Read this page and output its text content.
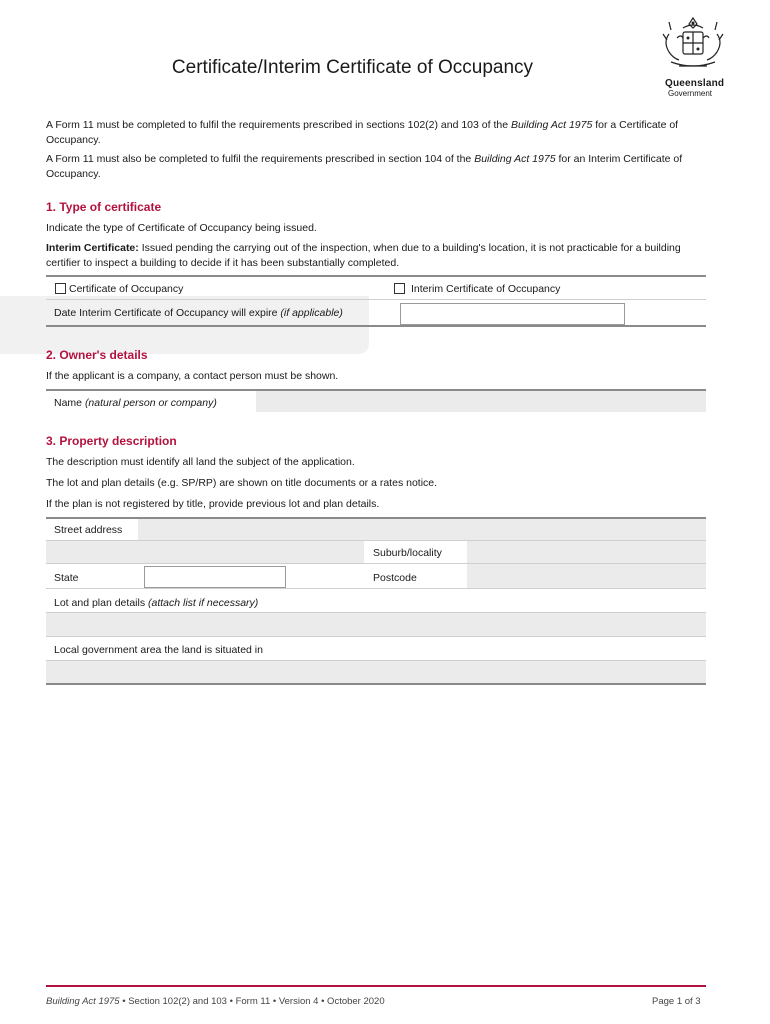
Certificate/Interim Certificate of Occupancy
Queensland
Government
A Form 11 must be completed to fulfil the requirements prescribed in sections 102(2) and 103 of the Building Act 1975 for a Certificate of Occupancy.
A Form 11 must also be completed to fulfil the requirements prescribed in section 104 of the Building Act 1975 for an Interim Certificate of Occupancy.
1. Type of certificate
Indicate the type of Certificate of Occupancy being issued.
Interim Certificate: Issued pending the carrying out of the inspection, when due to a building's location, it is not practicable for a building certifier to inspect a building to decide if it has been substantially completed.
Certificate of Occupancy	Interim Certificate of Occupancy
Date Interim Certificate of Occupancy will expire (if applicable)
2. Owner's details
If the applicant is a company, a contact person must be shown.
Name (natural person or company)
3. Property description
The description must identify all land the subject of the application.
The lot and plan details (e.g. SP/RP) are shown on title documents or a rates notice.
If the plan is not registered by title, provide previous lot and plan details.
Street address
Suburb/locality
State	Postcode
Lot and plan details (attach list if necessary)
Local government area the land is situated in
Building Act 1975 • Section 102(2) and 103 • Form 11 • Version 4 • October 2020	Page 1 of 3
